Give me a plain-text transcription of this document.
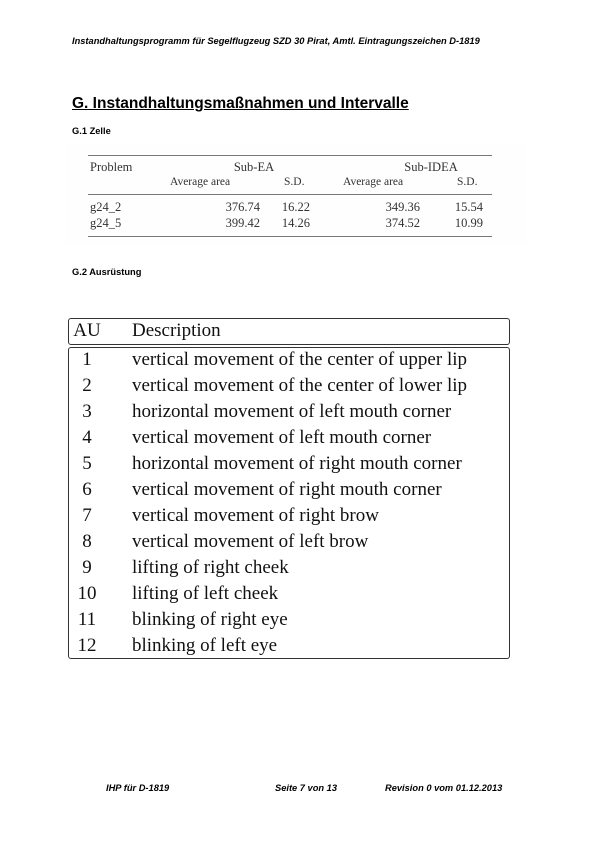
Instandhaltungsprogramm für Segelflugzeug SZD 30 Pirat, Amtl. Eintragungszeichen D-1819
G. Instandhaltungsmaßnahmen und Intervalle
G.1 Zelle
Problem	Sub-EA	Sub-IDEA
Average area	S.D.	Average area	S.D.
g24_2	376.74	16.22	349.36	15.54
g24_5	399.42	14.26	374.52	10.99
G.2 Ausrüstung
AU Description
1	vertical movement of the center of upper lip
2	vertical movement of the center of lower lip
3	horizontal movement of left mouth corner
4	vertical movement of left mouth corner
5	horizontal movement of right mouth corner
6	vertical movement of right mouth corner
7	vertical movement of right brow
8	vertical movement of left brow
9	lifting of right cheek
10	lifting of left cheek
11	blinking of right eye
12	blinking of left eye
IHP für D-1819	Seite 7 von 13	Revision 0 vom 01.12.2013
